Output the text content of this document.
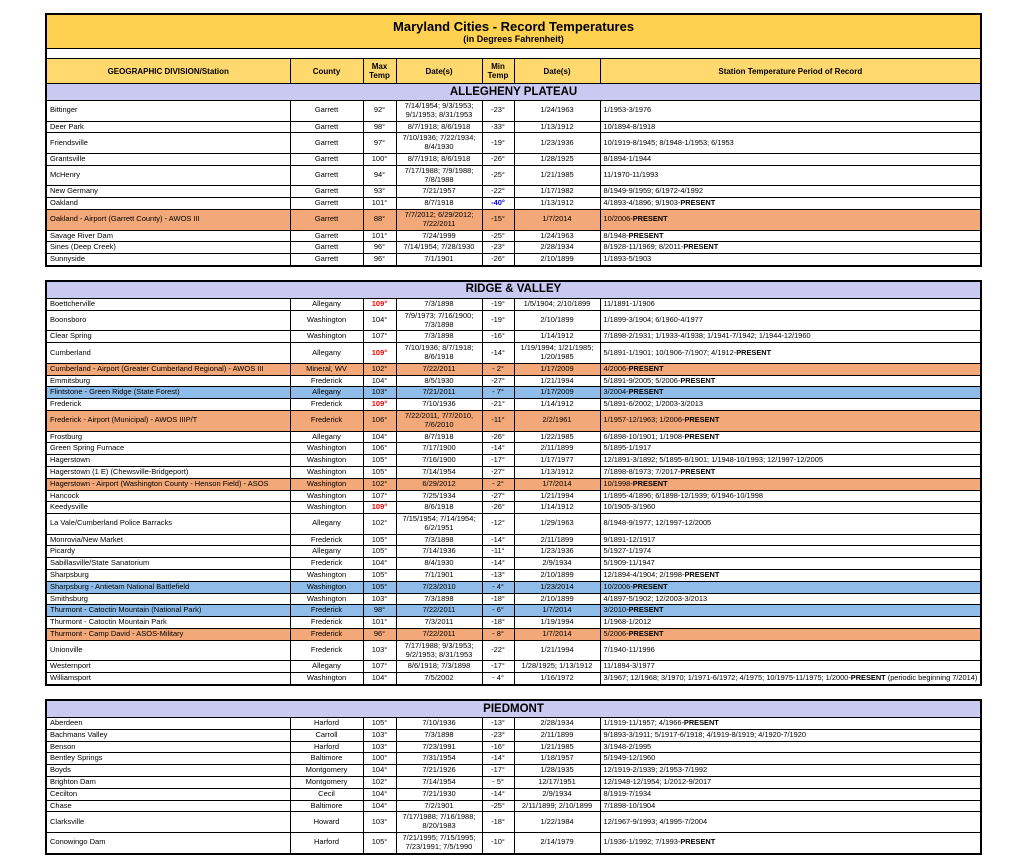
Maryland Cities - Record Temperatures
(in Degrees Fahrenheit)						

GEOGRAPHIC DIVISION/Station	County	Max Temp	Date(s)	Min Temp	Date(s)	Station Temperature Period of Record
ALLEGHENY PLATEAU						
Bittinger	Garrett	92°	7/14/1954; 9/3/1953; 9/1/1953; 8/31/1953	-23°	1/24/1963	1/1953-3/1976
Deer Park	Garrett	98°	8/7/1918; 8/6/1918	-33°	1/13/1912	10/1894-8/1918
Friendsville	Garrett	97°	7/10/1936; 7/22/1934; 8/4/1930	-19°	1/23/1936	10/1919-8/1945; 8/1948-1/1953; 6/1953
Grantsville	Garrett	100°	8/7/1918; 8/6/1918	-26°	1/28/1925	8/1894-1/1944
McHenry	Garrett	94°	7/17/1988; 7/9/1988; 7/8/1988	-25°	1/21/1985	11/1970-11/1993
New Germany	Garrett	93°	7/21/1957	-22°	1/17/1982	8/1949-9/1959; 6/1972-4/1992
Oakland	Garrett	101°	8/7/1918	-40°	1/13/1912	4/1893-4/1896; 9/1903-PRESENT
Oakland - Airport (Garrett County) - AWOS III	Garrett	88°	7/7/2012; 6/29/2012; 7/22/2011	-15°	1/7/2014	10/2006-PRESENT
Savage River Dam	Garrett	101°	7/24/1999	-25°	1/24/1963	8/1948-PRESENT
Sines (Deep Creek)	Garrett	96°	7/14/1954; 7/28/1930	-23°	2/28/1934	8/1928-11/1969; 8/2011-PRESENT
Sunnyside	Garrett	96°	7/1/1901	-26°	2/10/1899	1/1893-5/1903
RIDGE & VALLEY						
Boettcherville	Allegany	109°	7/3/1898	-19°	1/5/1904; 2/10/1899	11/1891-1/1906
Boonsboro	Washington	104°	7/9/1973; 7/16/1900; 7/3/1898	-19°	2/10/1899	1/1899-3/1904; 6/1960-4/1977
Clear Spring	Washington	107°	7/3/1898	-16°	1/14/1912	7/1898-2/1931; 1/1933-4/1938; 1/1941-7/1942; 1/1944-12/1960
Cumberland	Allegany	109°	7/10/1936; 8/7/1918; 8/6/1918	-14°	1/19/1994; 1/21/1985; 1/20/1985	5/1891-1/1901; 10/1906-7/1907; 4/1912-PRESENT
Cumberland - Airport (Greater Cumberland Regional) - AWOS III	Mineral, WV	102°	7/22/2011	- 2°	1/17/2009	4/2006-PRESENT
Emmitsburg	Frederick	104°	8/5/1930	-27°	1/21/1994	5/1891-9/2005; 5/2006-PRESENT
Flintstone - Green Ridge (State Forest)	Allegany	103°	7/21/2011	- 7°	1/17/2009	3/2004-PRESENT
Frederick	Frederick	109°	7/10/1936	-21°	1/14/1912	5/1891-6/2002; 1/2003-3/2013
Frederick - Airport (Municipal) - AWOS IIIP/T	Frederick	106°	7/22/2011, 7/7/2010, 7/6/2010	-11°	2/2/1961	1/1957-12/1963; 1/2006-PRESENT
Frostburg	Allegany	104°	8/7/1918	-26°	1/22/1985	6/1898-10/1901; 1/1908-PRESENT
Green Spring Furnace	Washington	106°	7/17/1900	-14°	2/11/1899	5/1895-1/1917
Hagerstown	Washington	105°	7/16/1900	-17°	1/17/1977	12/1891-3/1892; 5/1895-8/1901; 1/1948-10/1993; 12/1997-12/2005
Hagerstown (1 E) (Chewsville-Bridgeport)	Washington	105°	7/14/1954	-27°	1/13/1912	7/1898-8/1973; 7/2017-PRESENT
Hagerstown - Airport (Washington County - Henson Field) - ASOS	Washington	102°	6/29/2012	- 2°	1/7/2014	10/1998-PRESENT
Hancock	Washington	107°	7/25/1934	-27°	1/21/1994	1/1895-4/1896; 6/1898-12/1939; 6/1946-10/1998
Keedysville	Washington	109°	8/6/1918	-26°	1/14/1912	10/1905-3/1960
La Vale/Cumberland Police Barracks	Allegany	102°	7/15/1954; 7/14/1954; 6/2/1951	-12°	1/29/1963	8/1948-9/1977; 12/1997-12/2005
Monrovia/New Market	Frederick	105°	7/3/1898	-14°	2/11/1899	9/1891-12/1917
Picardy	Allegany	105°	7/14/1936	-11°	1/23/1936	5/1927-1/1974
Sabillasville/State Sanatorium	Frederick	104°	8/4/1930	-14°	2/9/1934	5/1909-11/1947
Sharpsburg	Washington	105°	7/1/1901	-13°	2/10/1899	12/1894-4/1904; 2/1998-PRESENT
Sharpsburg - Antietam National Battlefield	Washington	105°	7/23/2010	- 4°	1/23/2014	10/2006-PRESENT
Smithsburg	Washington	103°	7/3/1898	-18°	2/10/1899	4/1897-5/1902; 12/2003-3/2013
Thurmont - Catoctin Mountain (National Park)	Frederick	98°	7/22/2011	- 6°	1/7/2014	3/2010-PRESENT
Thurmont - Catoctin Mountain Park	Frederick	101°	7/3/2011	-18°	1/19/1994	1/1968-1/2012
Thurmont - Camp David - ASOS-Military	Frederick	96°	7/22/2011	- 8°	1/7/2014	5/2006-PRESENT
Unionville	Frederick	103°	7/17/1988; 9/3/1953; 9/2/1953; 8/31/1953	-22°	1/21/1994	7/1940-11/1996
Westernport	Allegany	107°	8/6/1918; 7/3/1898	-17°	1/28/1925; 1/13/1912	11/1894-3/1977
Williamsport	Washington	104°	7/5/2002	- 4°	1/16/1972	3/1967; 12/1968; 3/1970; 1/1971-6/1972; 4/1975; 10/1975-11/1975; 1/2000-PRESENT (periodic beginning 7/2014)
PIEDMONT						
Aberdeen	Harford	105°	7/10/1936	-13°	2/28/1934	1/1919-11/1957; 4/1966-PRESENT
Bachmans Valley	Carroll	103°	7/3/1898	-23°	2/11/1899	9/1893-3/1911; 5/1917-6/1918; 4/1919-8/1919; 4/1920-7/1920
Benson	Harford	103°	7/23/1991	-16°	1/21/1985	3/1948-2/1995
Bentley Springs	Baltimore	100°	7/31/1954	-14°	1/18/1957	5/1949-12/1960
Boyds	Montgomery	104°	7/21/1926	-17°	1/28/1935	12/1919-2/1939; 2/1953-7/1992
Brighton Dam	Montgomery	102°	7/14/1954	- 5°	12/17/1951	12/1948-12/1954; 1/2012-9/2017
Cecilton	Cecil	104°	7/21/1930	-14°	2/9/1934	8/1919-7/1934
Chase	Baltimore	104°	7/2/1901	-25°	2/11/1899; 2/10/1899	7/1898-10/1904
Clarksville	Howard	103°	7/17/1988; 7/16/1988; 8/20/1983	-18°	1/22/1984	12/1967-9/1993; 4/1995-7/2004
Conowingo Dam	Harford	105°	7/21/1995; 7/15/1995; 7/23/1991; 7/5/1990	-10°	2/14/1979	1/1936-1/1992; 7/1993-PRESENT
